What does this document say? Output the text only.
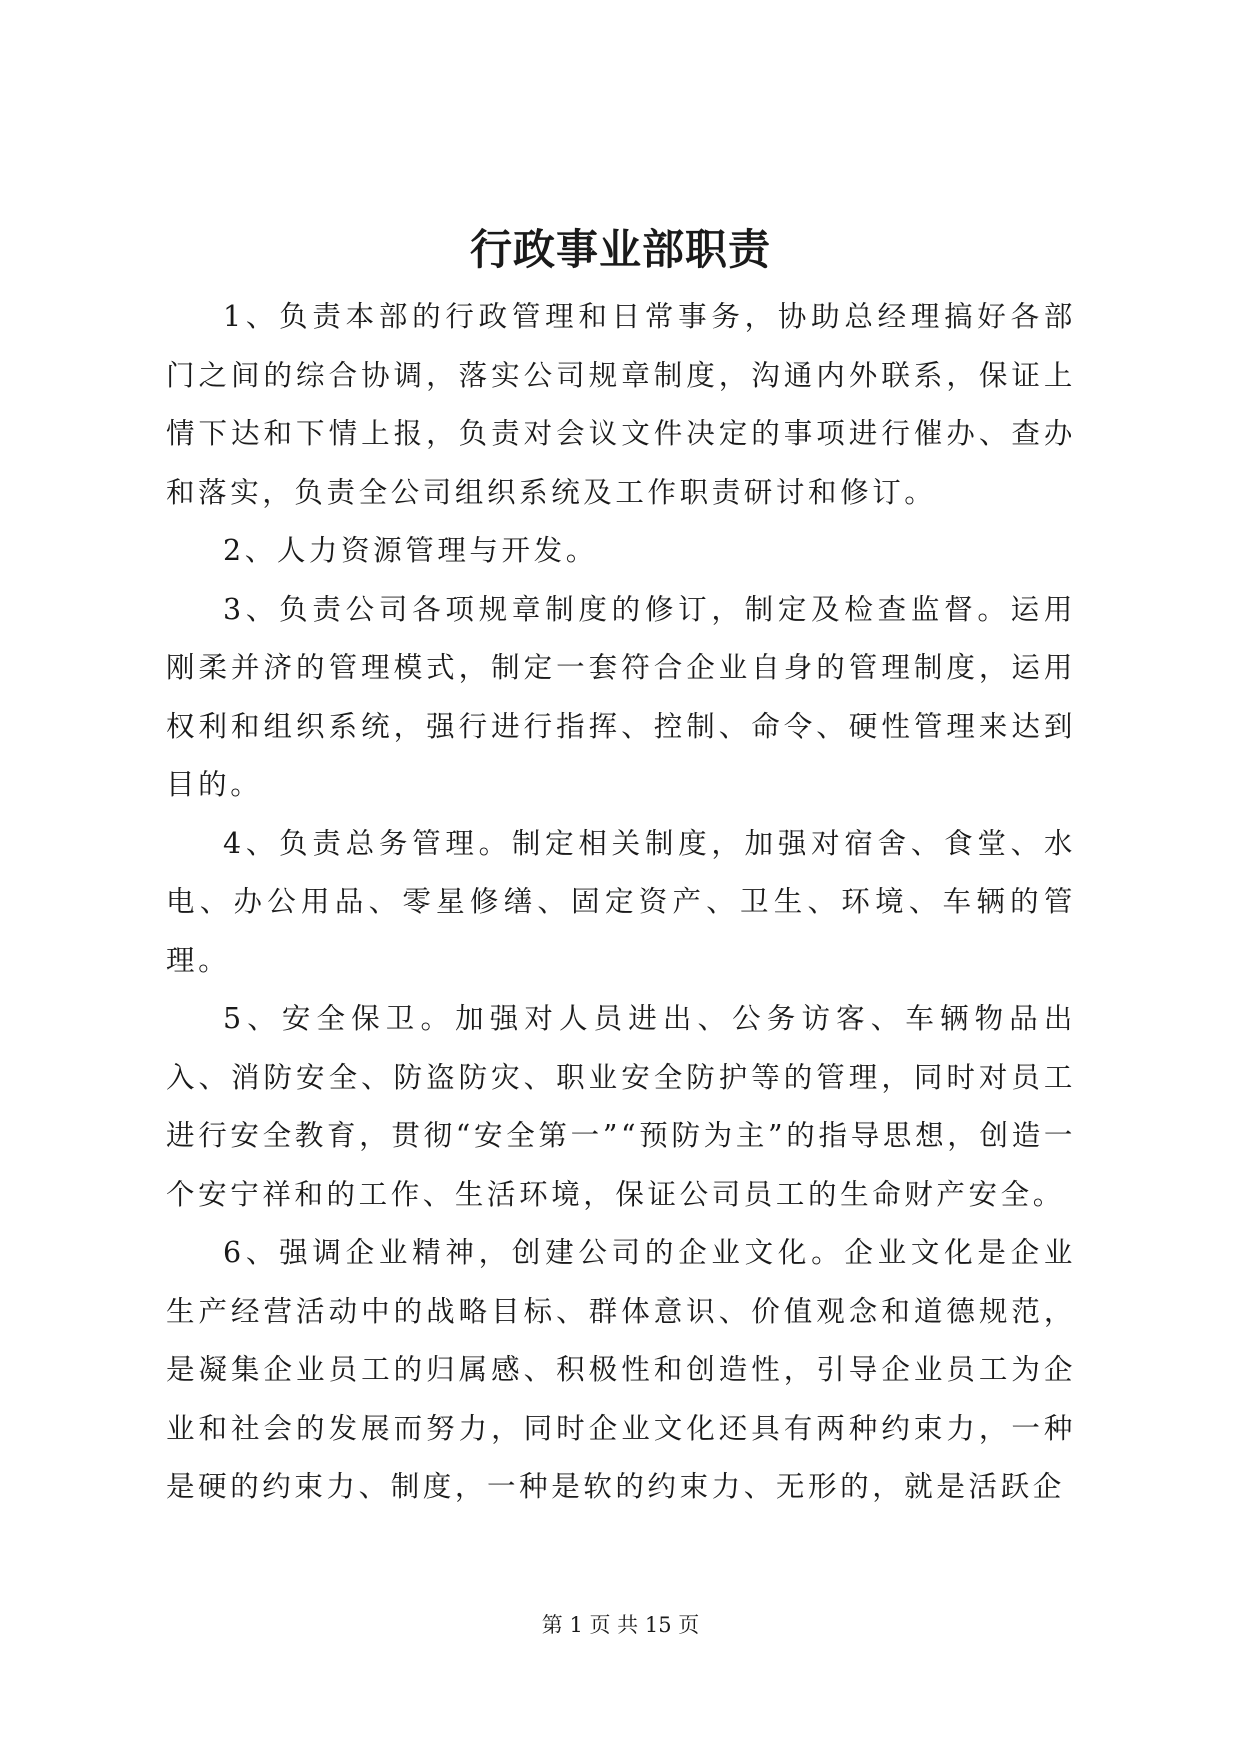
行政事业部职责

1、负责本部的行政管理和日常事务，协助总经理搞好各部门之间的综合协调，落实公司规章制度，沟通内外联系，保证上情下达和下情上报，负责对会议文件决定的事项进行催办、查办和落实，负责全公司组织系统及工作职责研讨和修订。

2、人力资源管理与开发。

3、负责公司各项规章制度的修订，制定及检查监督。运用刚柔并济的管理模式，制定一套符合企业自身的管理制度，运用权利和组织系统，强行进行指挥、控制、命令、硬性管理来达到目的。

4、负责总务管理。制定相关制度，加强对宿舍、食堂、水电、办公用品、零星修缮、固定资产、卫生、环境、车辆的管理。

5、安全保卫。加强对人员进出、公务访客、车辆物品出入、消防安全、防盗防灾、职业安全防护等的管理，同时对员工进行安全教育，贯彻“安全第一”“预防为主”的指导思想，创造一个安宁祥和的工作、生活环境，保证公司员工的生命财产安全。

6、强调企业精神，创建公司的企业文化。企业文化是企业生产经营活动中的战略目标、群体意识、价值观念和道德规范，是凝集企业员工的归属感、积极性和创造性，引导企业员工为企业和社会的发展而努力，同时企业文化还具有两种约束力，一种是硬的约束力、制度，一种是软的约束力、无形的，就是活跃企

第 1 页 共 15 页
